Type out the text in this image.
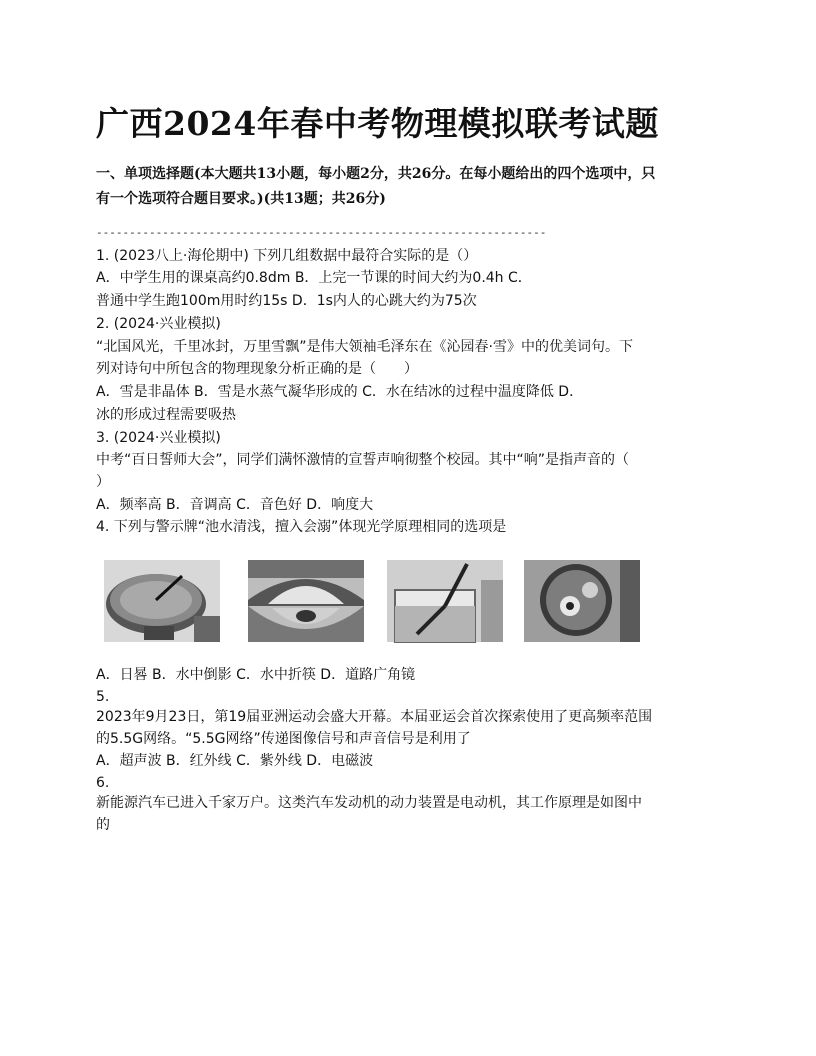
广西2024年春中考物理模拟联考试题
一、单项选择题(本大题共13小题，每小题2分，共26分。在每小题给出的四个选项中，只
有一个选项符合题目要求。)(共13题；共26分)
--------------------------------------------------------------------
1. (2023八上·海伦期中) 下列几组数据中最符合实际的是（）
A．中学生用的课桌高约0.8dm B．上完一节课的时间大约为0.4h C．
普通中学生跑100m用时约15s D．1s内人的心跳大约为75次
2. (2024·兴业模拟)
“北国风光，千里冰封，万里雪飘”是伟大领袖毛泽东在《沁园春·雪》中的优美词句。下
列对诗句中所包含的物理现象分析正确的是（　　）
A．雪是非晶体 B．雪是水蒸气凝华形成的 C．水在结冰的过程中温度降低 D．
冰的形成过程需要吸热
3. (2024·兴业模拟)
中考“百日誓师大会”，同学们满怀激情的宣誓声响彻整个校园。其中“响”是指声音的（
）
A．频率高 B．音调高 C．音色好 D．响度大
4. 下列与警示牌“池水清浅，擅入会溺”体现光学原理相同的选项是
A．日晷 B．水中倒影 C．水中折筷 D．道路广角镜
5.
2023年9月23日，第19届亚洲运动会盛大开幕。本届亚运会首次探索使用了更高频率范围
的5.5G网络。“5.5G网络”传递图像信号和声音信号是利用了
A．超声波 B．红外线 C．紫外线 D．电磁波
6.
新能源汽车已进入千家万户。这类汽车发动机的动力装置是电动机，其工作原理是如图中
的
